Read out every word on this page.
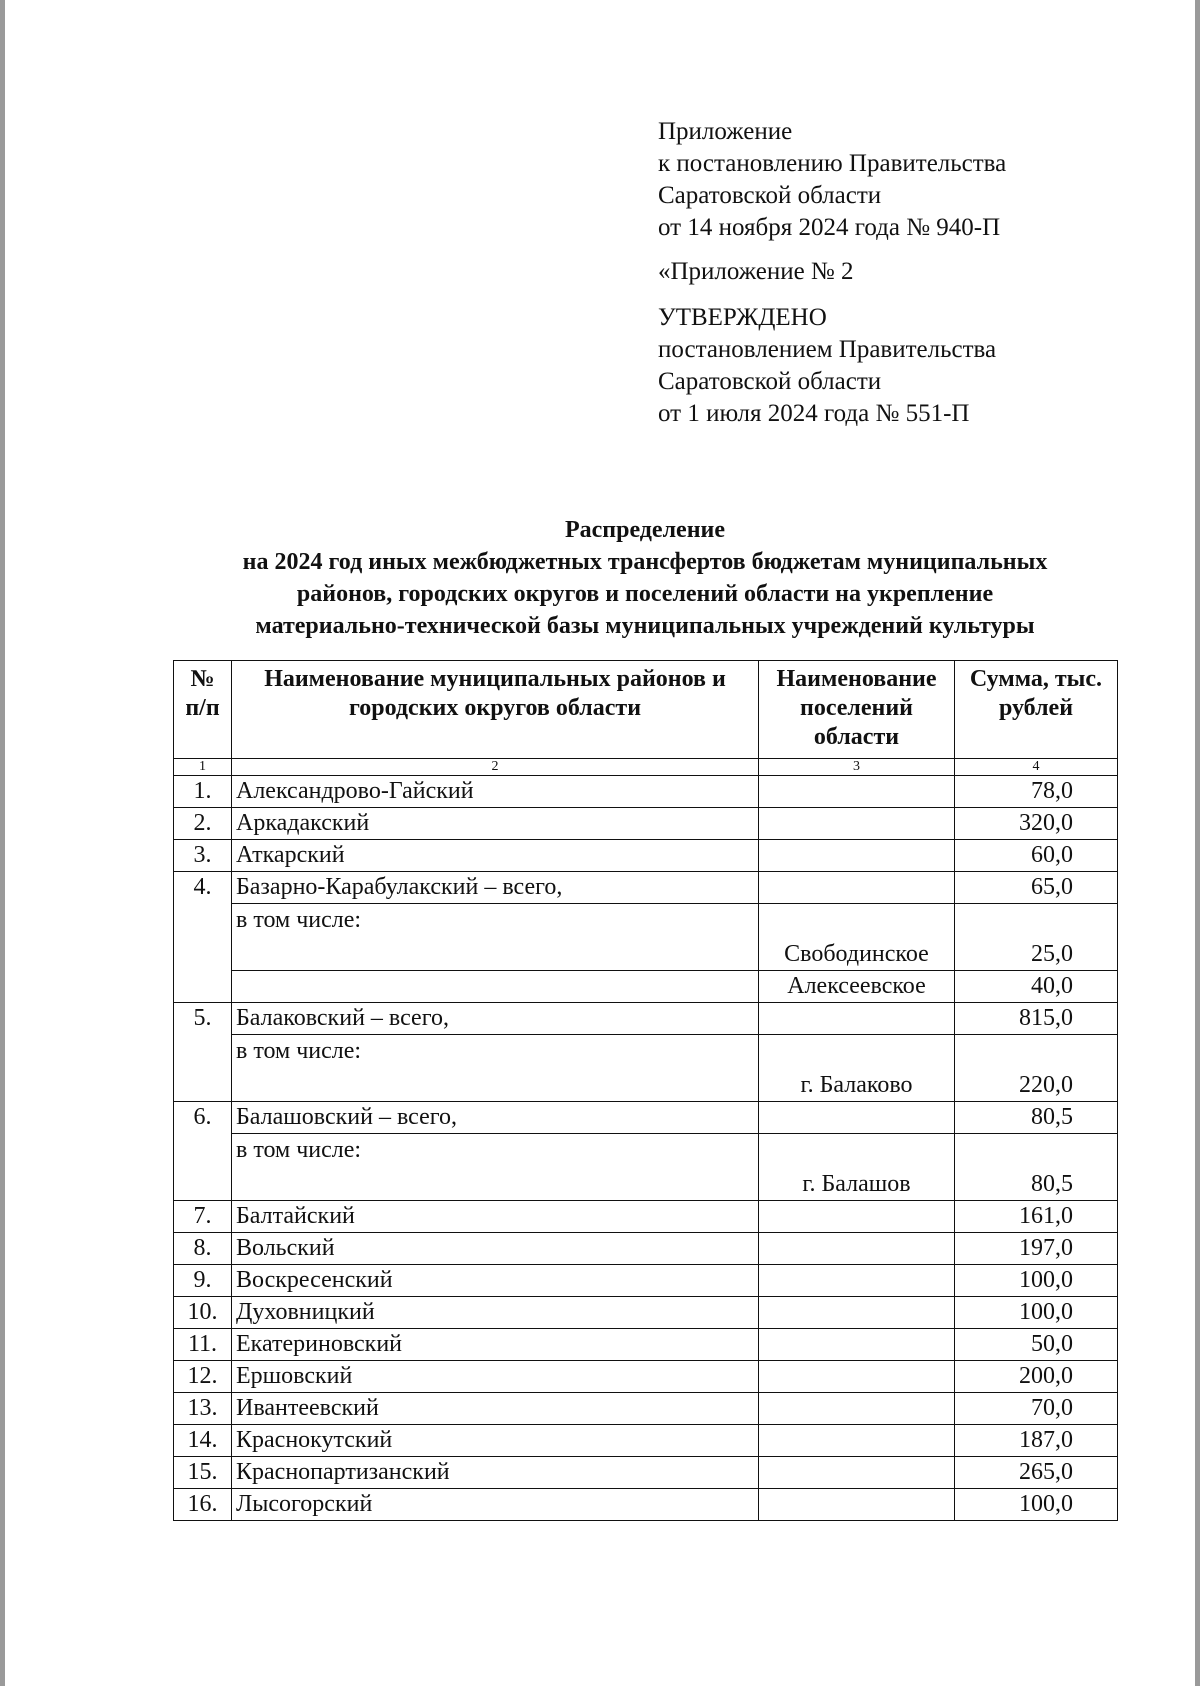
Приложение

к постановлению Правительства

Саратовской области

от 14 ноября 2024 года № 940-П

«Приложение № 2

УТВЕРЖДЕНО

постановлением Правительства

Саратовской области

от 1 июля 2024 года № 551-П

Распределение
на 2024 год иных межбюджетных трансфертов бюджетам муниципальных
районов, городских округов и поселений области на укрепление
материально-технической базы муниципальных учреждений культуры
№ п/п	Наименование муниципальных районов и городских округов области	Наименование поселений области	Сумма, тыс. рублей
1	2	3	4
1.	Александрово-Гайский		78,0
2.	Аркадакский		320,0
3.	Аткарский		60,0
4.	Базарно-Карабулакский – всего,		65,0

	в том числе:	Свободинское	25,0

		Алексеевское	40,0
5.	Балаковский – всего,		815,0

	в том числе:	г. Балаково	220,0

6.	Балашовский – всего,		80,5

	в том числе:	г. Балашов	80,5

7.	Балтайский		161,0
8.	Вольский		197,0
9.	Воскресенский		100,0
10.	Духовницкий		100,0
11.	Екатериновский		50,0
12.	Ершовский		200,0
13.	Ивантеевский		70,0
14.	Краснокутский		187,0
15.	Краснопартизанский		265,0
16.	Лысогорский		100,0
